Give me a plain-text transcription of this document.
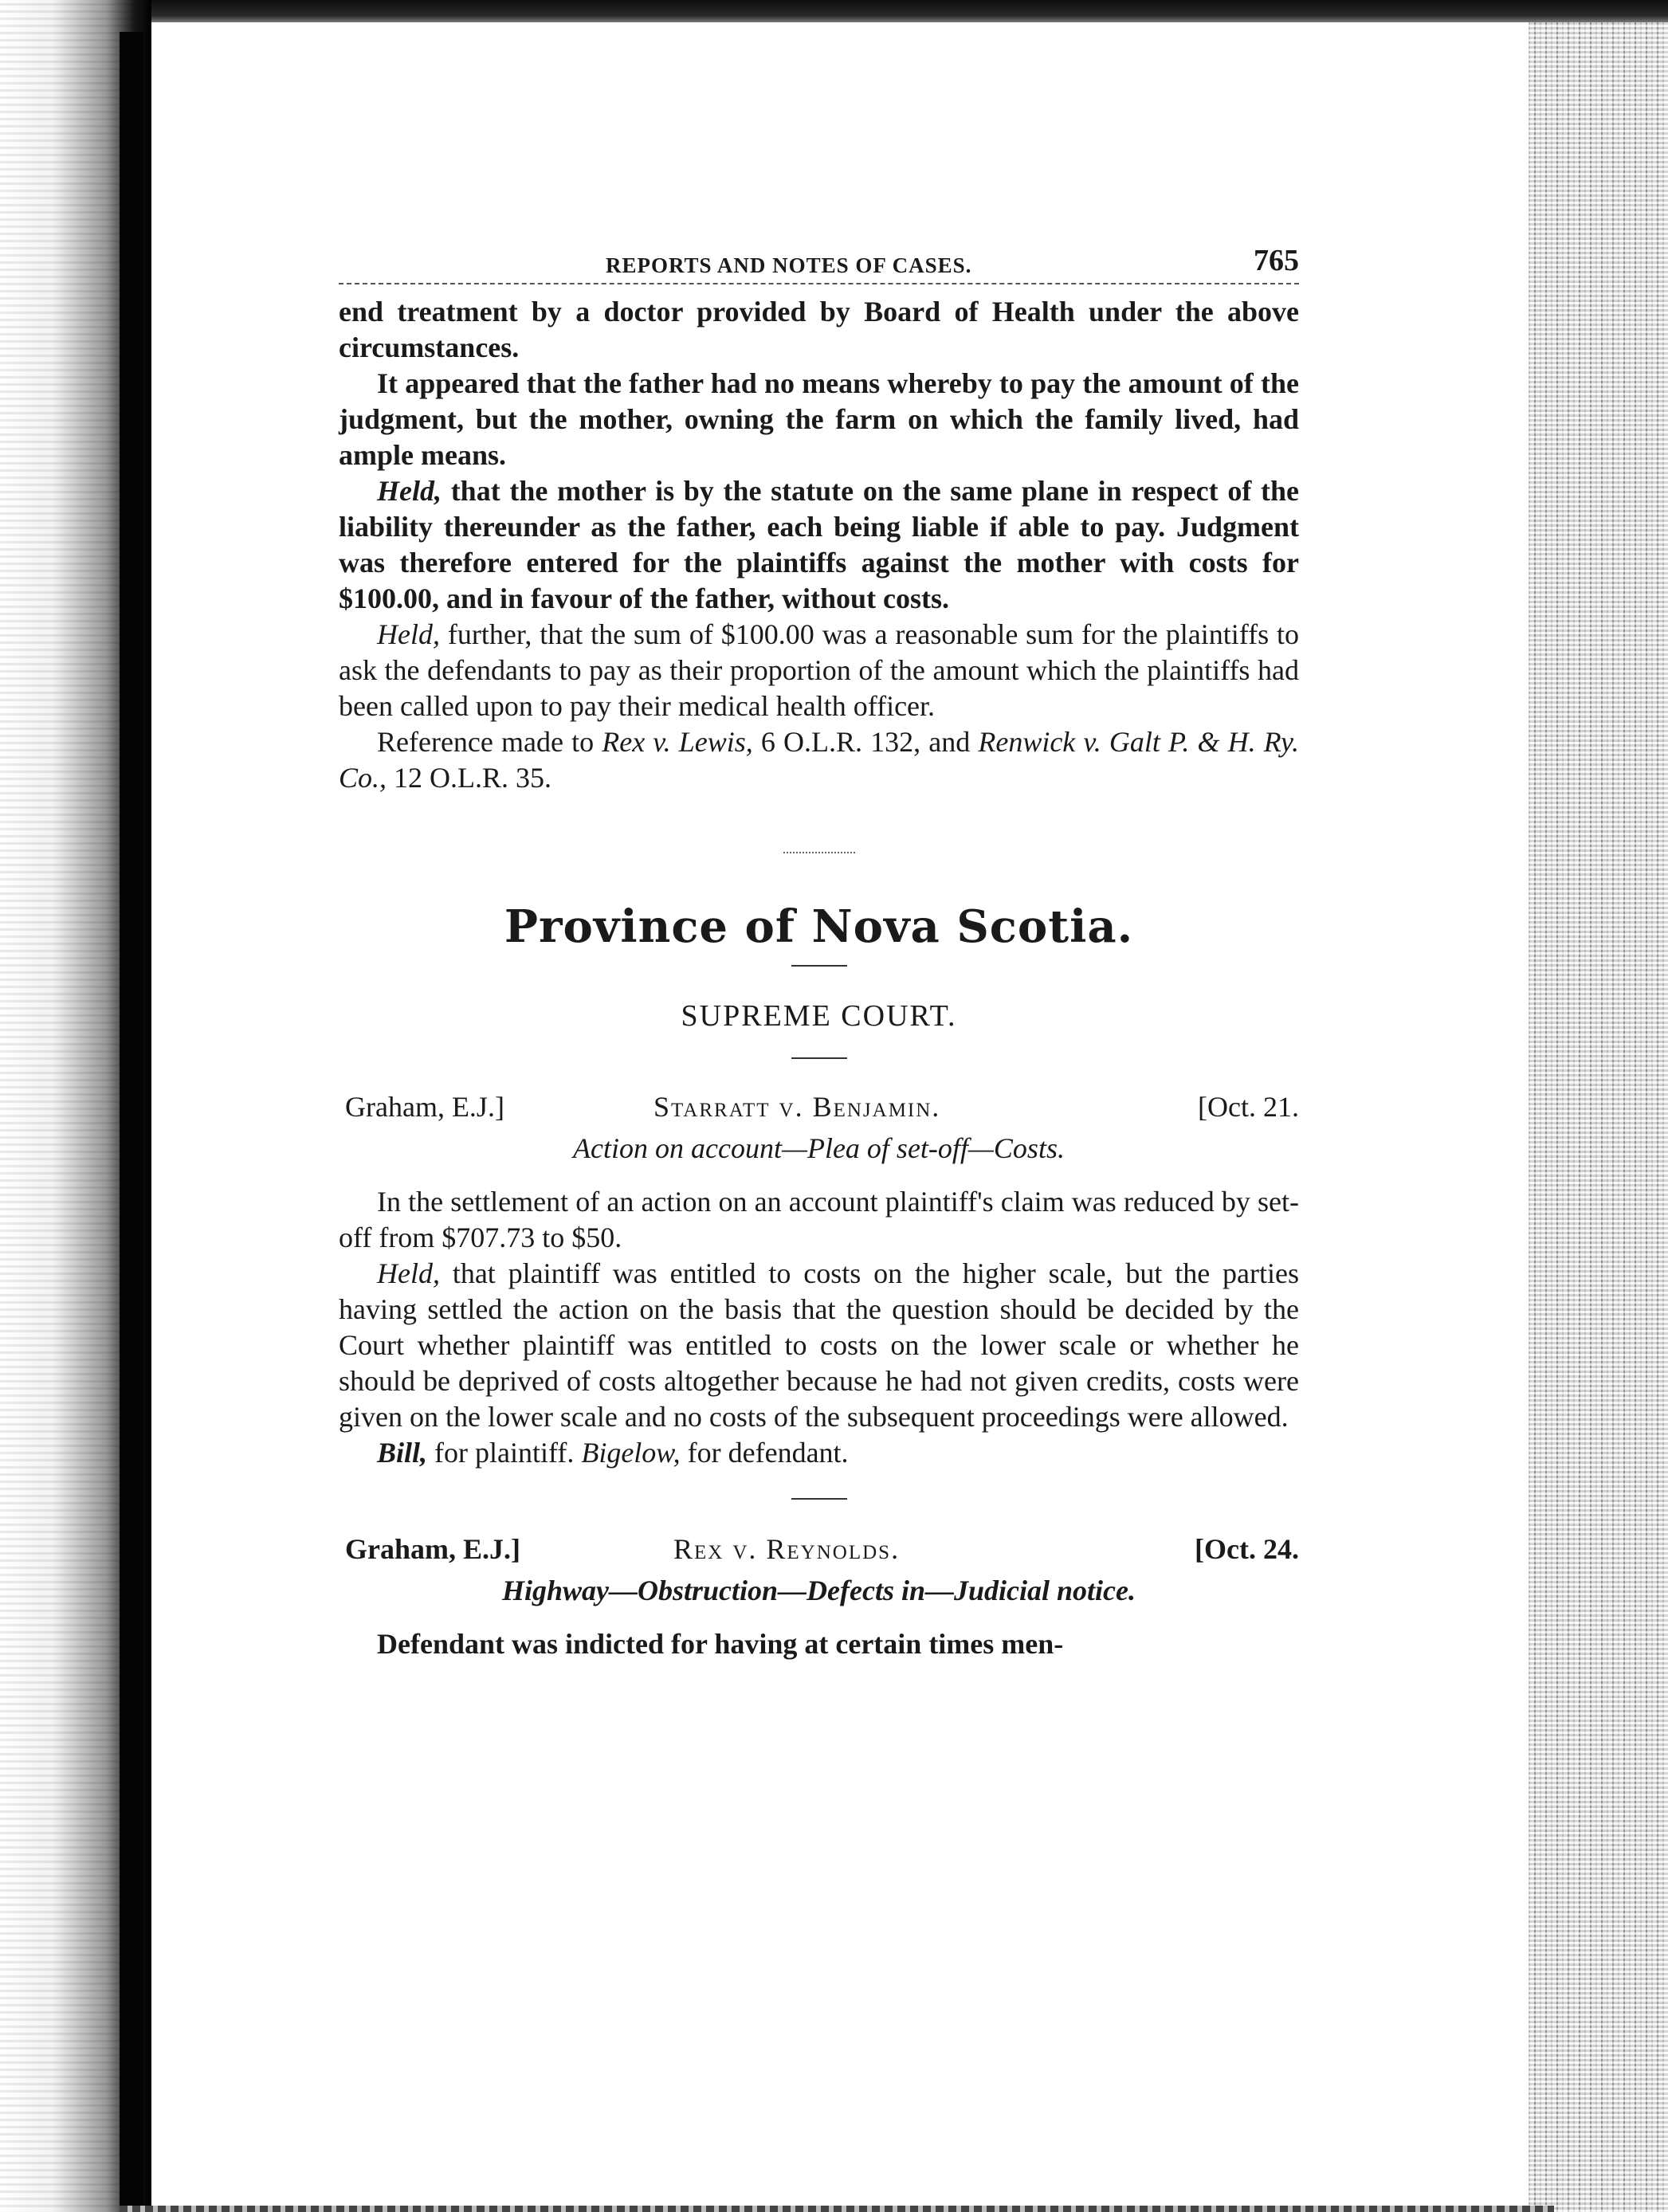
REPORTS AND NOTES OF CASES.	765

end treatment by a doctor provided by Board of Health under the above circumstances.

It appeared that the father had no means whereby to pay the amount of the judgment, but the mother, owning the farm on which the family lived, had ample means.

Held, that the mother is by the statute on the same plane in respect of the liability thereunder as the father, each being liable if able to pay. Judgment was therefore entered for the plaintiffs against the mother with costs for $100.00, and in favour of the father, without costs.

Held, further, that the sum of $100.00 was a reasonable sum for the plaintiffs to ask the defendants to pay as their proportion of the amount which the plaintiffs had been called upon to pay their medical health officer.

Reference made to Rex v. Lewis, 6 O.L.R. 132, and Renwick v. Galt P. & H. Ry. Co., 12 O.L.R. 35.

Province of Nova Scotia.
SUPREME COURT.
Graham, E.J.]	Starratt v. Benjamin.	[Oct. 21.
Action on account—Plea of set-off—Costs.

In the settlement of an action on an account plaintiff's claim was reduced by set-off from $707.73 to $50.

Held, that plaintiff was entitled to costs on the higher scale, but the parties having settled the action on the basis that the question should be decided by the Court whether plaintiff was entitled to costs on the lower scale or whether he should be deprived of costs altogether because he had not given credits, costs were given on the lower scale and no costs of the subsequent proceedings were allowed.

Bill, for plaintiff. Bigelow, for defendant.

Graham, E.J.]	Rex v. Reynolds.	[Oct. 24.
Highway—Obstruction—Defects in—Judicial notice.

Defendant was indicted for having at certain times men-
